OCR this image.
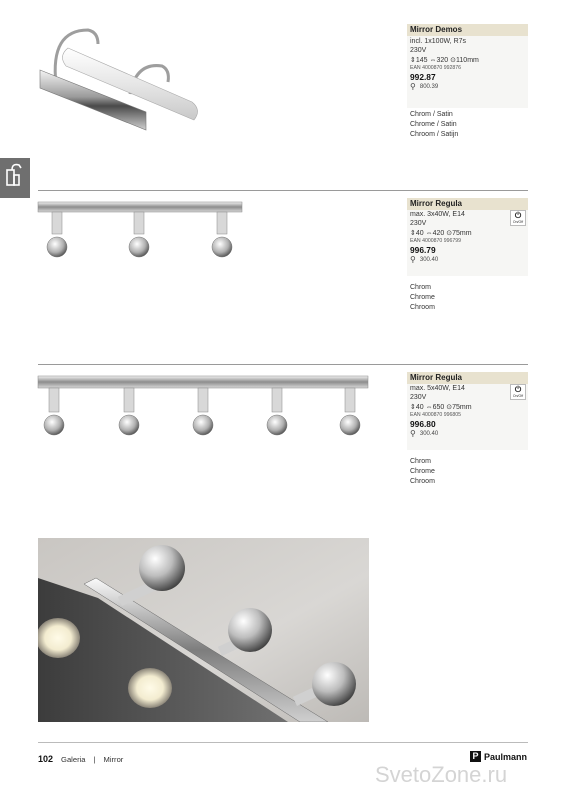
Mirror Demos
incl. 1x100W, R7s
230V
⇕145 ⇔320 ⊙110mm
EAN 4000870 992876
992.87
⚲ 800.39
Chrom / Satin
Chrome / Satin
Chroom / Satijn
Mirror Regula
⏻
On/Off
max. 3x40W, E14
230V
⇕40 ⇔420 ⊙75mm
EAN 4000870 996799
996.79
⚲ 300.40
Chrom
Chrome
Chroom
Mirror Regula
⏻
On/Off
max. 5x40W, E14
230V
⇕40 ⇔650 ⊙75mm
EAN 4000870 996805
996.80
⚲ 300.40
Chrom
Chrome
Chroom
102 Galeria | Mirror	P Paulmann
SvetoZone.ru
